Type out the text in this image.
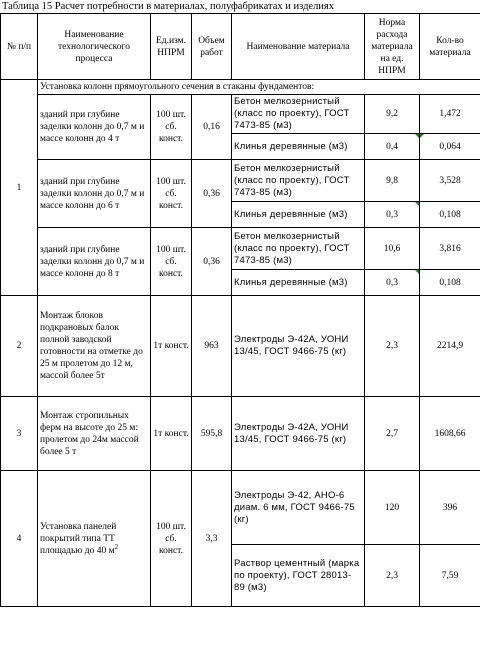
Таблица 15 Расчет потребности в материалах, полуфабрикатах и изделиях
№ п/п	Наименование технологического процесса	Ед.изм. НПРМ	Объем работ	Наименование материала	Норма расхода материала на ед. НПРМ	Кол-во материала
1	Установка колонн прямоугольного сечения в стаканы фундаментов:					
	зданий при глубине заделки колонн до 0,7 м и массе колонн до 4 т	100 шт. сб. конст.	0,16	Бетон мелкозернистый (класс по проекту), ГОСТ 7473-85 (м3)	9,2	1,472
				Клинья деревянные (м3)	0,4	0,064
	зданий при глубине заделки колонн до 0,7 м и массе колонн до 6 т	100 шт. сб. конст.	0,36	Бетон мелкозернистый (класс по проекту), ГОСТ 7473-85 (м3)	9,8	3,528
				Клинья деревянные (м3)	0,3	0,108
	зданий при глубине заделки колонн до 0,7 м и массе колонн до 8 т	100 шт. сб. конст.	0,36	Бетон мелкозернистый (класс по проекту), ГОСТ 7473-85 (м3)	10,6	3,816
				Клинья деревянные (м3)	0,3	0,108
2	Монтаж блоков подкрановых балок полной заводской готовности на отметке до 25 м пролетом до 12 м, массой более 5т	1т конст.	963	Электроды Э-42А, УОНИ 13/45, ГОСТ 9466-75 (кг)	2,3	2214,9
3	Монтаж стропильных ферм на высоте до 25 м: пролетом до 24м массой более 5 т	1т конст.	595,8	Электроды Э-42А, УОНИ 13/45, ГОСТ 9466-75 (кг)	2,7	1608,66
4	Установка панелей покрытий типа ТТ площадью до 40 $м^2$	100 шт. сб. конст.	3,3	Электроды Э-42, АНО-6 диам. 6 мм, ГОСТ 9466-75 (кг)	120	396
				Раствор цементный (марка по проекту), ГОСТ 28013-89 (м3)	2,3	7,59
